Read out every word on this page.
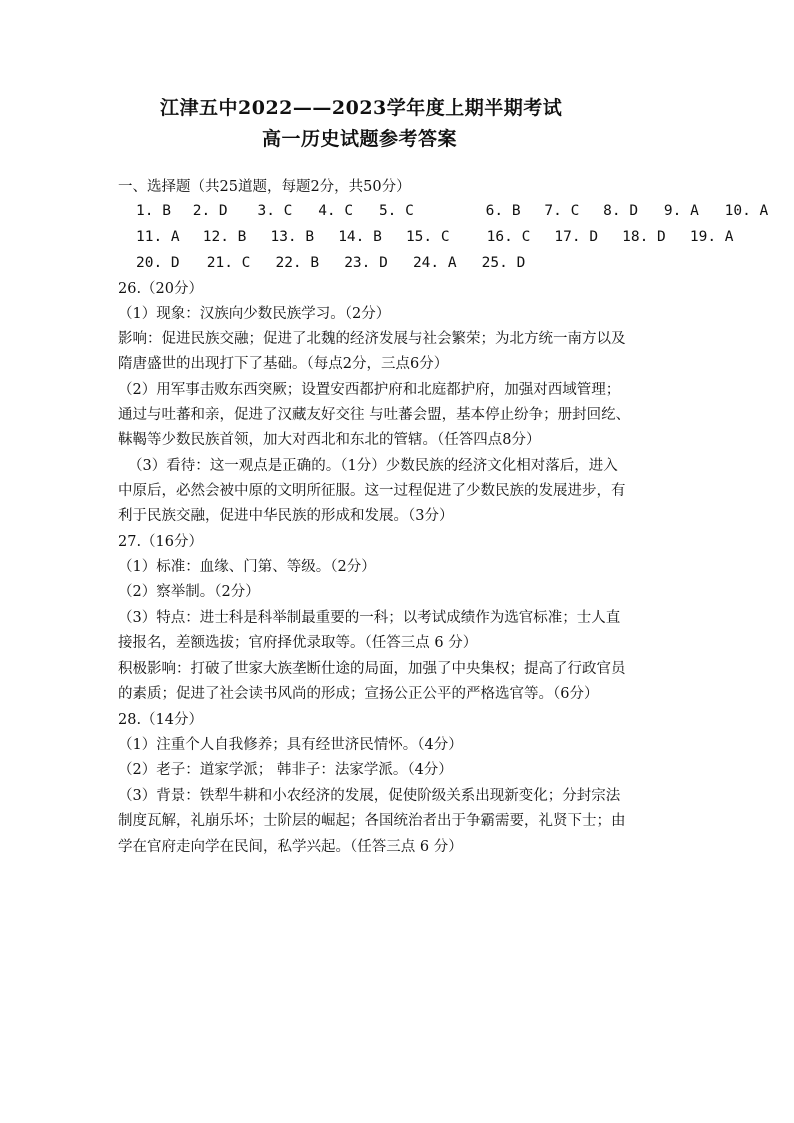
江津五中2022——2023学年度上期半期考试
高一历史试题参考答案
一、选择题（共25道题，每题2分，共50分）
1. B 2. D 3. C 4. C 5. C	6. B 7. C 8. D 9. A 10. A
11. A 12. B 13. B 14. B 15. C	16. C 17. D 18. D 19. A
20. D 21. C 22. B 23. D 24. A 25. D
26.（20分）
（1）现象：汉族向少数民族学习。（2分）
影响：促进民族交融；促进了北魏的经济发展与社会繁荣；为北方统一南方以及
隋唐盛世的出现打下了基础。（每点2分，三点6分）
（2）用军事击败东西突厥；设置安西都护府和北庭都护府，加强对西域管理；
通过与吐蕃和亲，促进了汉藏友好交往 与吐蕃会盟，基本停止纷争；册封回纥、
靺鞨等少数民族首领，加大对西北和东北的管辖。（任答四点8分）
（3）看待：这一观点是正确的。（1分）少数民族的经济文化相对落后，进入
中原后，必然会被中原的文明所征服。这一过程促进了少数民族的发展进步，有
利于民族交融，促进中华民族的形成和发展。（3分）
27.（16分）
（1）标准：血缘、门第、等级。（2分）
（2）察举制。（2分）
（3）特点：进士科是科举制最重要的一科；以考试成绩作为选官标准；士人直
接报名，差额选拔；官府择优录取等。（任答三点 6 分）
积极影响：打破了世家大族垄断仕途的局面，加强了中央集权；提高了行政官员
的素质；促进了社会读书风尚的形成；宣扬公正公平的严格选官等。（6分）
28.（14分）
（1）注重个人自我修养；具有经世济民情怀。（4分）
（2）老子：道家学派； 韩非子：法家学派。（4分）
（3）背景：铁犁牛耕和小农经济的发展，促使阶级关系出现新变化；分封宗法
制度瓦解，礼崩乐坏；士阶层的崛起；各国统治者出于争霸需要，礼贤下士；由
学在官府走向学在民间，私学兴起。（任答三点 6 分）
